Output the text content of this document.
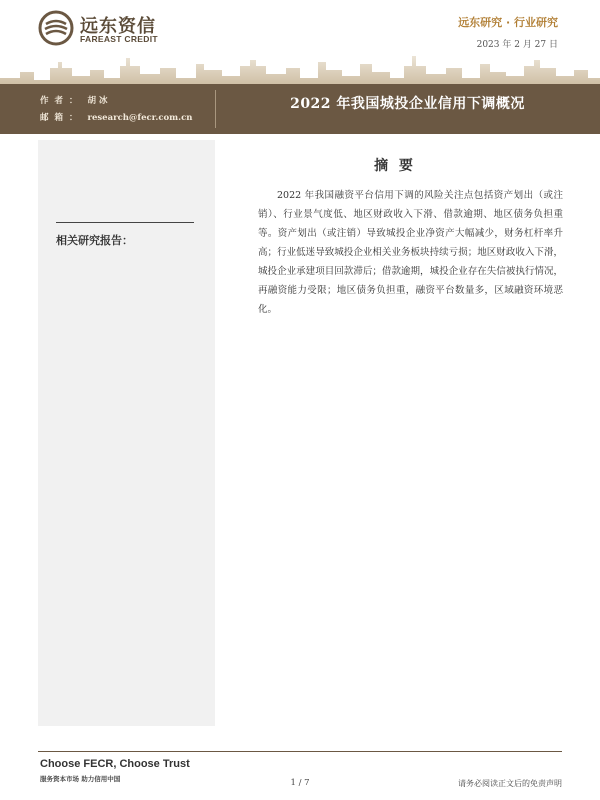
远东资信
FAREAST CREDIT
远东研究 · 行业研究
2023 年 2 月 27 日
作者： 胡 冰
邮箱： research@fecr.com.cn
2022 年我国城投企业信用下调概况
相关研究报告：
摘 要

2022 年我国融资平台信用下调的风险关注点包括资产划出（或注销）、行业景气度低、地区财政收入下滑、借款逾期、地区债务负担重等。资产划出（或注销）导致城投企业净资产大幅减少，财务杠杆率升高；行业低迷导致城投企业相关业务板块持续亏损；地区财政收入下滑，城投企业承建项目回款滞后；借款逾期，城投企业存在失信被执行情况，再融资能力受限；地区债务负担重，融资平台数量多，区域融资环境恶化。

Choose FECR, Choose Trust
服务资本市场 助力信用中国	1 / 7	请务必阅读正文后的免责声明
